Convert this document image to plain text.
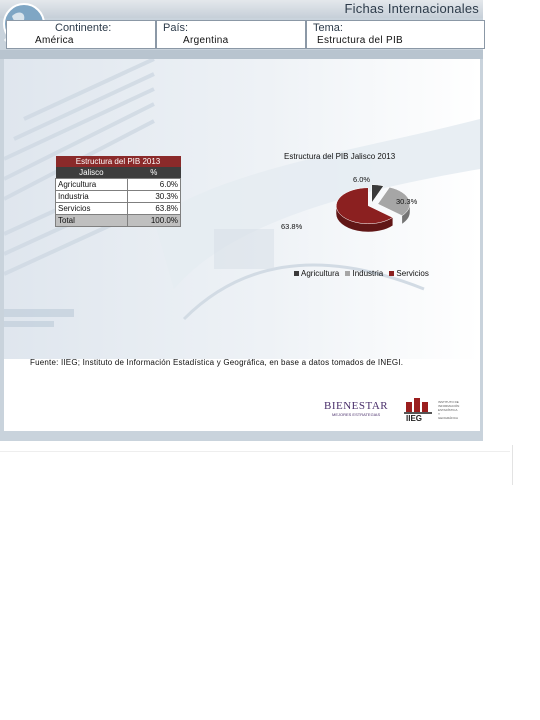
Fichas Internacionales
Continente:
América
País:
Argentina
Tema:
Estructura del PIB
Estructura del PIB 2013	
Jalisco	%
Agricultura	6.0%
Industria	30.3%
Servicios	63.8%
Total	100.0%
Estructura del PIB Jalisco 2013
6.0%
30.3%
63.8%
Agricultura Industria Servicios
Fuente: IIEG; Instituto de Información Estadística y Geográfica, en base a datos tomados de INEGI.
BIENESTAR
MEJORES ESTRATEGIAS	IIEG
INSTITUTO DE
INFORMACIÓN
ESTADÍSTICA Y
GEOGRÁFICA
